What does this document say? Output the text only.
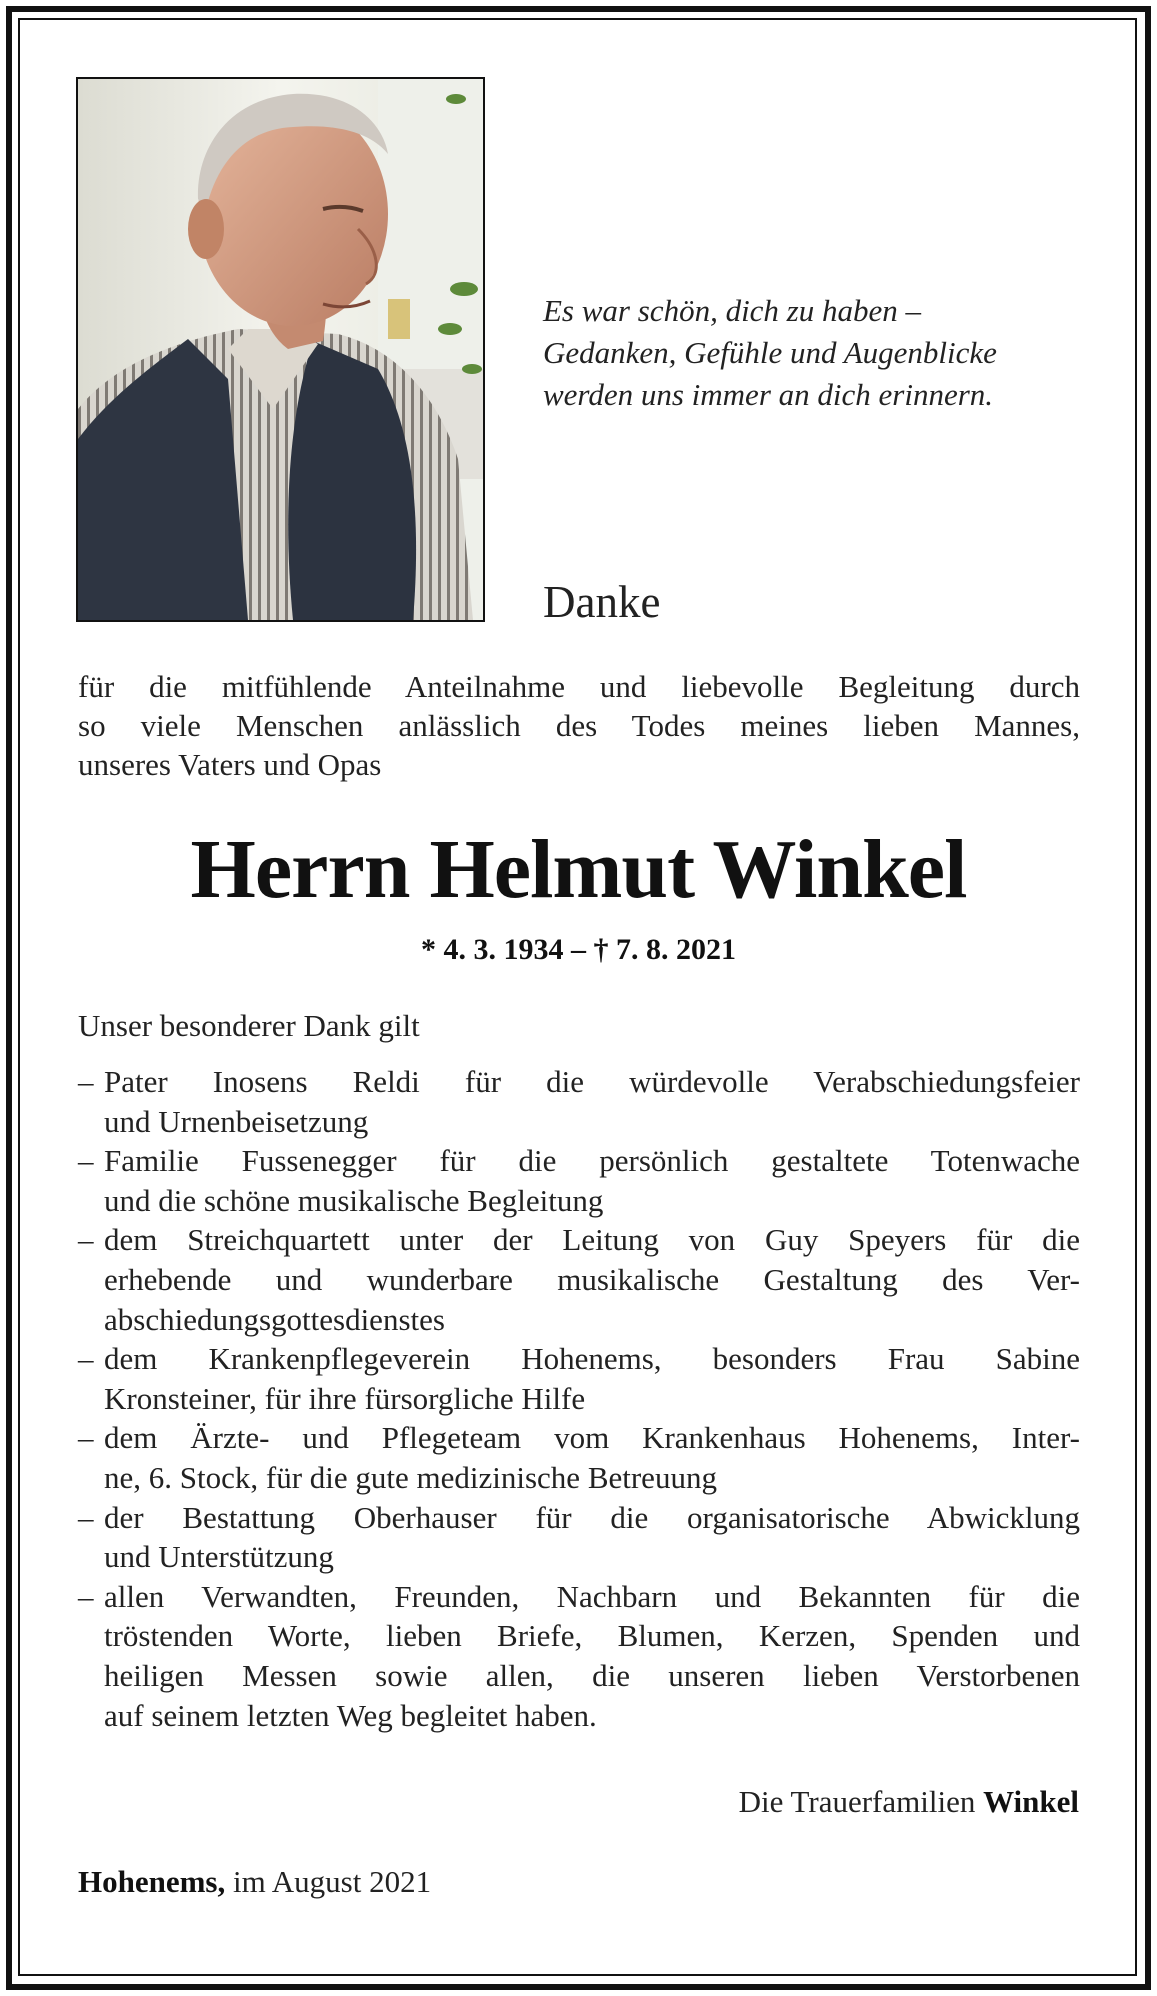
Es war schön, dich zu haben –
Gedanken, Gefühle und Augenblicke
werden uns immer an dich erinnern.
Danke
für die mitfühlende Anteilnahme und liebevolle Begleitung durch
so viele Menschen anlässlich des Todes meines lieben Mannes,
unseres Vaters und Opas
Herrn Helmut Winkel
* 4. 3. 1934 – † 7. 8. 2021
Unser besonderer Dank gilt
– Pater Inosens Reldi für die würdevolle Verabschiedungsfeier
und Urnenbeisetzung
– Familie Fussenegger für die persönlich gestaltete Totenwache
und die schöne musikalische Begleitung
– dem Streichquartett unter der Leitung von Guy Speyers für die
erhebende und wunderbare musikalische Gestaltung des Ver-
abschiedungsgottesdienstes
– dem Krankenpflegeverein Hohenems, besonders Frau Sabine
Kronsteiner, für ihre fürsorgliche Hilfe
– dem Ärzte- und Pflegeteam vom Krankenhaus Hohenems, Inter-
ne, 6. Stock, für die gute medizinische Betreuung
– der Bestattung Oberhauser für die organisatorische Abwicklung
und Unterstützung
– allen Verwandten, Freunden, Nachbarn und Bekannten für die
tröstenden Worte, lieben Briefe, Blumen, Kerzen, Spenden und
heiligen Messen sowie allen, die unseren lieben Verstorbenen
auf seinem letzten Weg begleitet haben.
Die Trauerfamilien Winkel
Hohenems, im August 2021
